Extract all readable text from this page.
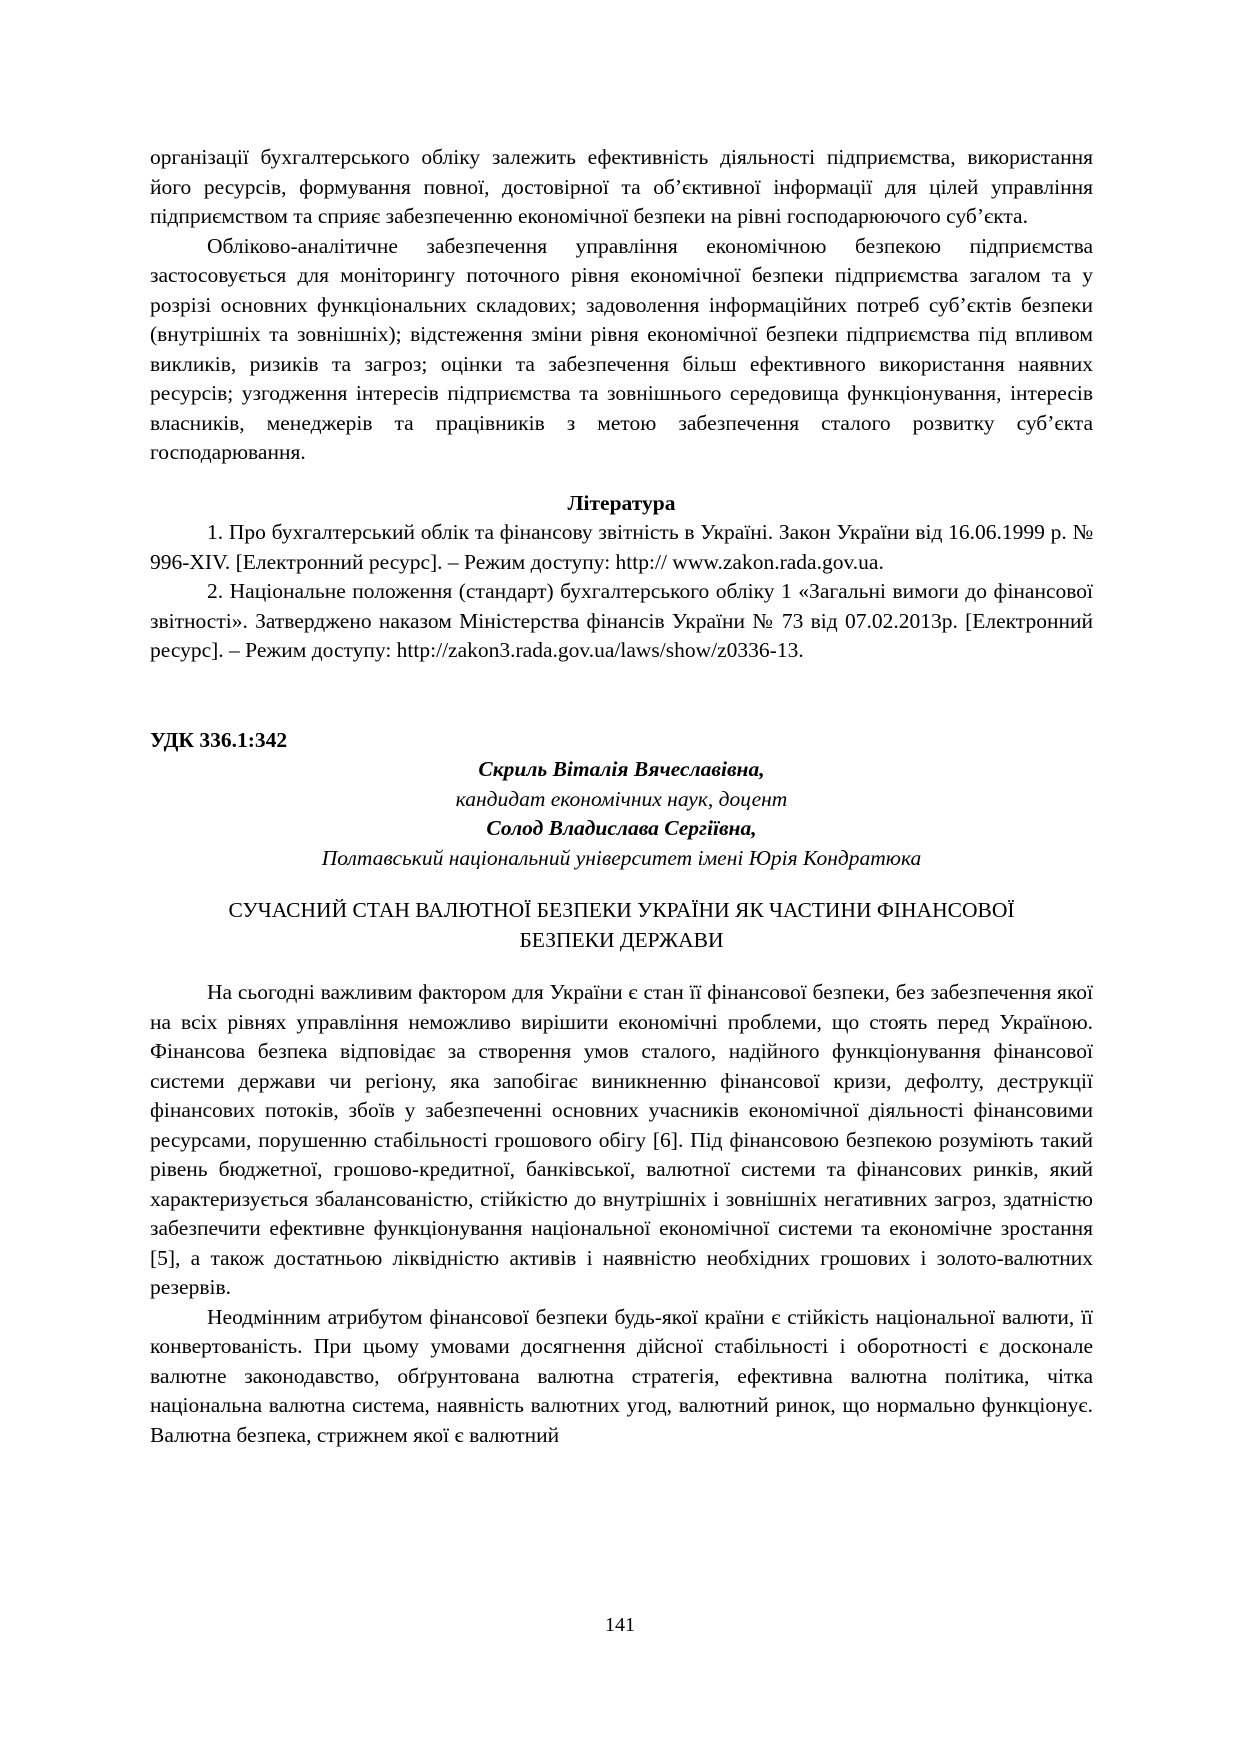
організації бухгалтерського обліку залежить ефективність діяльності підприємства, використання його ресурсів, формування повної, достовірної та об’єктивної інформації для цілей управління підприємством та сприяє забезпеченню економічної безпеки на рівні господарюючого суб’єкта.

Обліково-аналітичне забезпечення управління економічною безпекою підприємства застосовується для моніторингу поточного рівня економічної безпеки підприємства загалом та у розрізі основних функціональних складових; задоволення інформаційних потреб суб’єктів безпеки (внутрішніх та зовнішніх); відстеження зміни рівня економічної безпеки підприємства під впливом викликів, ризиків та загроз; оцінки та забезпечення більш ефективного використання наявних ресурсів; узгодження інтересів підприємства та зовнішнього середовища функціонування, інтересів власників, менеджерів та працівників з метою забезпечення сталого розвитку суб’єкта господарювання.

Література

1. Про бухгалтерський облік та фінансову звітність в Україні. Закон України від 16.06.1999 р. № 996-XIV. [Електронний ресурс]. – Режим доступу: http:// www.zakon.rada.gov.ua.

2. Національне положення (стандарт) бухгалтерського обліку 1 «Загальні вимоги до фінансової звітності». Затверджено наказом Міністерства фінансів України № 73 від 07.02.2013р. [Електронний ресурс]. – Режим доступу: http://zakon3.rada.gov.ua/laws/show/z0336-13.

УДК 336.1:342

Скриль Віталія Вячеславівна,

кандидат економічних наук, доцент

Солод Владислава Сергіївна,

Полтавський національний університет імені Юрія Кондратюка

СУЧАСНИЙ СТАН ВАЛЮТНОЇ БЕЗПЕКИ УКРАЇНИ ЯК ЧАСТИНИ ФІНАНСОВОЇ
БЕЗПЕКИ ДЕРЖАВИ

На сьогодні важливим фактором для України є стан її фінансової безпеки, без забезпечення якої на всіх рівнях управління неможливо вирішити економічні проблеми, що стоять перед Україною. Фінансова безпека відповідає за створення умов сталого, надійного функціонування фінансової системи держави чи регіону, яка запобігає виникненню фінансової кризи, дефолту, деструкції фінансових потоків, збоїв у забезпеченні основних учасників економічної діяльності фінансовими ресурсами, порушенню стабільності грошового обігу [6]. Під фінансовою безпекою розуміють такий рівень бюджетної, грошово-кредитної, банківської, валютної системи та фінансових ринків, який характеризується збалансованістю, стійкістю до внутрішніх і зовнішніх негативних загроз, здатністю забезпечити ефективне функціонування національної економічної системи та економічне зростання [5], а також достатньою ліквідністю активів і наявністю необхідних грошових і золото-валютних резервів.

Неодмінним атрибутом фінансової безпеки будь-якої країни є стійкість національної валюти, її конвертованість. При цьому умовами досягнення дійсної стабільності і оборотності є досконале валютне законодавство, обґрунтована валютна стратегія, ефективна валютна політика, чітка національна валютна система, наявність валютних угод, валютний ринок, що нормально функціонує. Валютна безпека, стрижнем якої є валютний

141
